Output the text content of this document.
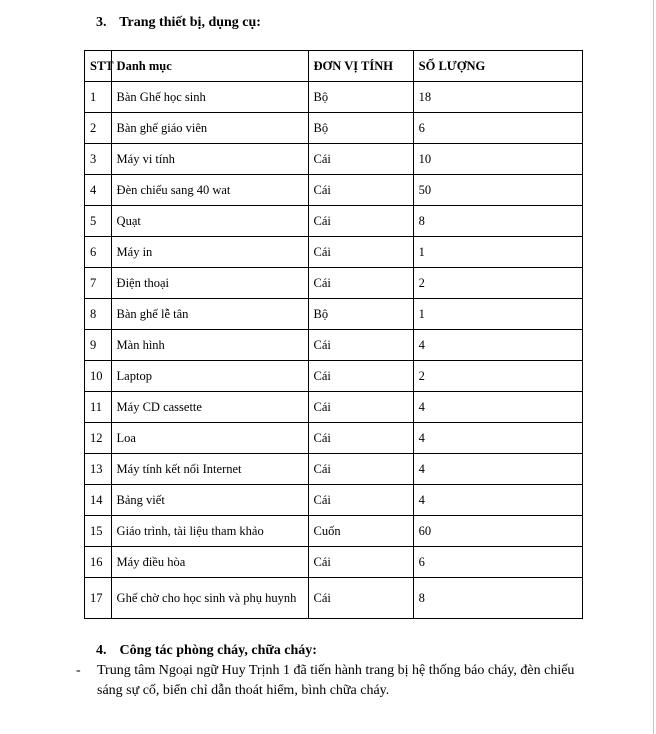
3. Trang thiết bị, dụng cụ:
STT	Danh mục	ĐƠN VỊ TÍNH	SỐ LƯỢNG
1	Bàn Ghế học sinh	Bộ	18
2	Bàn ghế giáo viên	Bộ	6
3	Máy vi tính	Cái	10
4	Đèn chiếu sang 40 wat	Cái	50
5	Quạt	Cái	8
6	Máy in	Cái	1
7	Điện thoại	Cái	2
8	Bàn ghế lễ tân	Bộ	1
9	Màn hình	Cái	4
10	Laptop	Cái	2
11	Máy CD cassette	Cái	4
12	Loa	Cái	4
13	Máy tính kết nối Internet	Cái	4
14	Bảng viết	Cái	4
15	Giáo trình, tài liệu tham khảo	Cuốn	60
16	Máy điều hòa	Cái	6
17	Ghế chờ cho học sinh và phụ huynh	Cái	8
4. Công tác phòng cháy, chữa cháy:
- Trung tâm Ngoại ngữ Huy Trịnh 1 đã tiến hành trang bị hệ thống báo cháy, đèn chiếu sáng sự cố, biển chỉ dẫn thoát hiểm, bình chữa cháy.
